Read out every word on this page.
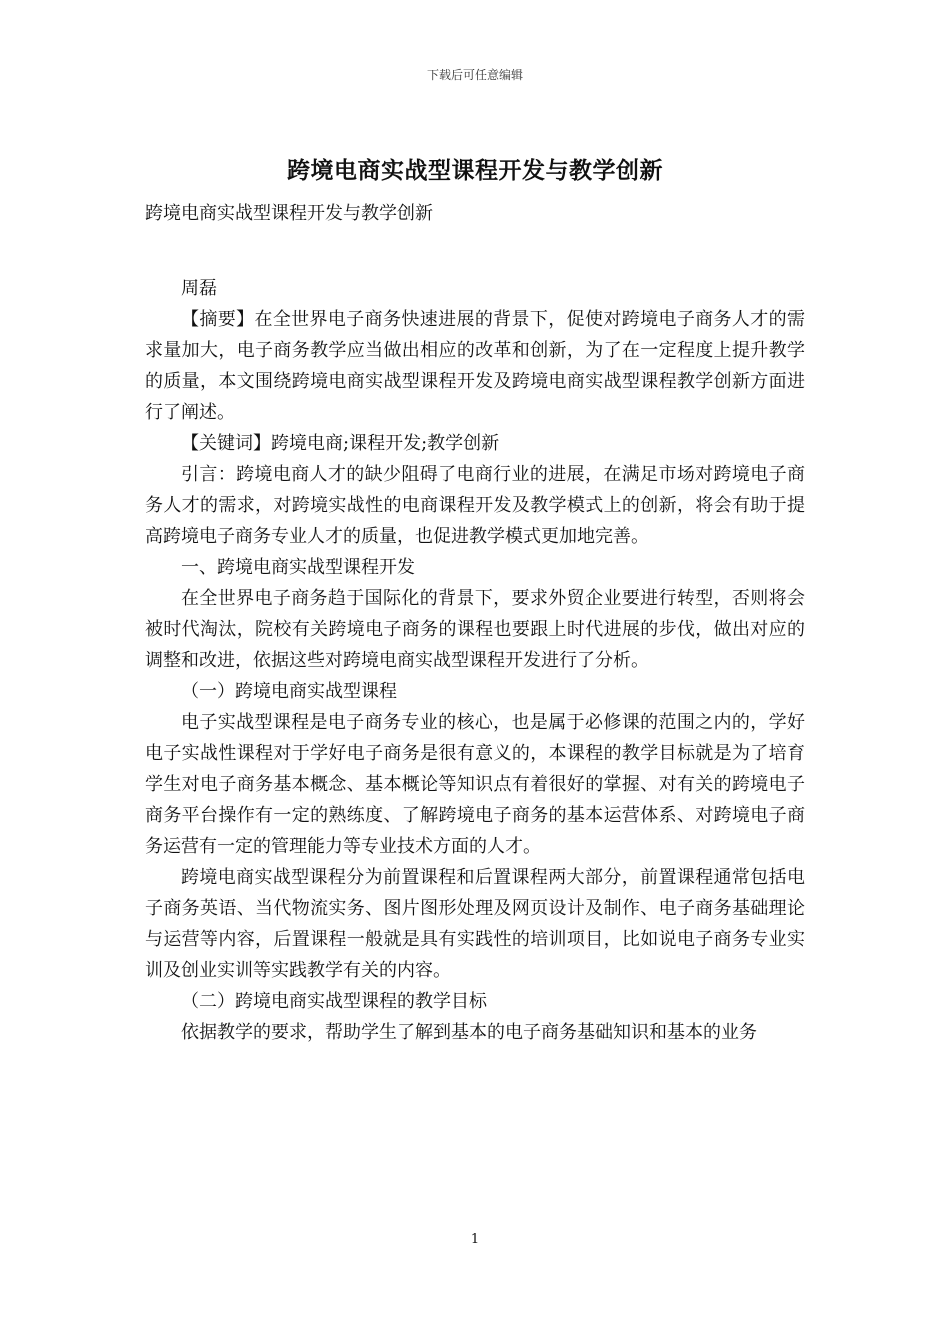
下载后可任意编辑
跨境电商实战型课程开发与教学创新

跨境电商实战型课程开发与教学创新

周磊

【摘要】在全世界电子商务快速进展的背景下，促使对跨境电子商务人才的需求量加大，电子商务教学应当做出相应的改革和创新，为了在一定程度上提升教学的质量，本文围绕跨境电商实战型课程开发及跨境电商实战型课程教学创新方面进行了阐述。

【关键词】跨境电商;课程开发;教学创新

引言：跨境电商人才的缺少阻碍了电商行业的进展，在满足市场对跨境电子商务人才的需求，对跨境实战性的电商课程开发及教学模式上的创新，将会有助于提高跨境电子商务专业人才的质量，也促进教学模式更加地完善。

一、跨境电商实战型课程开发

在全世界电子商务趋于国际化的背景下，要求外贸企业要进行转型，否则将会被时代淘汰，院校有关跨境电子商务的课程也要跟上时代进展的步伐，做出对应的调整和改进，依据这些对跨境电商实战型课程开发进行了分析。

（一）跨境电商实战型课程

电子实战型课程是电子商务专业的核心，也是属于必修课的范围之内的，学好电子实战性课程对于学好电子商务是很有意义的，本课程的教学目标就是为了培育学生对电子商务基本概念、基本概论等知识点有着很好的掌握、对有关的跨境电子商务平台操作有一定的熟练度、了解跨境电子商务的基本运营体系、对跨境电子商务运营有一定的管理能力等专业技术方面的人才。

跨境电商实战型课程分为前置课程和后置课程两大部分，前置课程通常包括电子商务英语、当代物流实务、图片图形处理及网页设计及制作、电子商务基础理论与运营等内容，后置课程一般就是具有实践性的培训项目，比如说电子商务专业实训及创业实训等实践教学有关的内容。

（二）跨境电商实战型课程的教学目标

依据教学的要求，帮助学生了解到基本的电子商务基础知识和基本的业务

1
